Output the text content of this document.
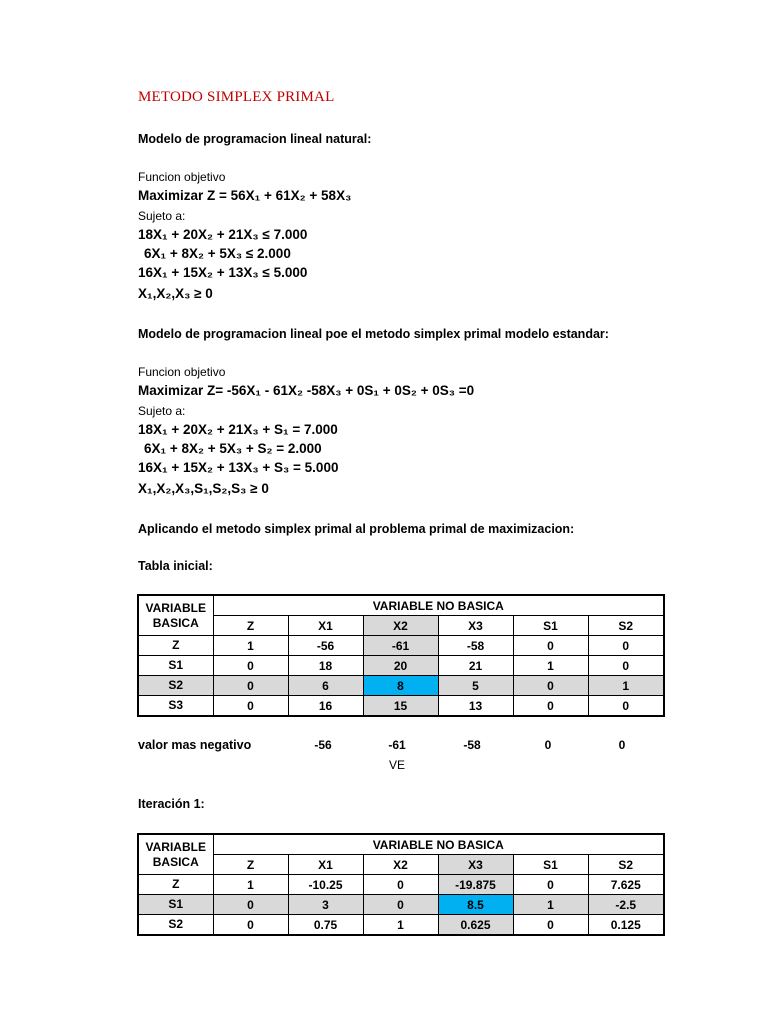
METODO SIMPLEX PRIMAL
Modelo de programacion lineal natural:
Funcion objetivo
Maximizar Z = 56X₁ + 61X₂ + 58X₃
Sujeto a:
18X₁ + 20X₂ + 21X₃ ≤ 7.000
6X₁ + 8X₂ + 5X₃ ≤ 2.000
16X₁ + 15X₂ + 13X₃ ≤ 5.000
X₁,X₂,X₃ ≥ 0
Modelo de programacion lineal poe el metodo simplex primal modelo estandar:
Funcion objetivo
Maximizar Z= -56X₁ - 61X₂ -58X₃ + 0S₁ + 0S₂ + 0S₃ =0
Sujeto a:
18X₁ + 20X₂ + 21X₃ + S₁ = 7.000
6X₁ + 8X₂ + 5X₃ + S₂ = 2.000
16X₁ + 15X₂ + 13X₃ + S₃ = 5.000
X₁,X₂,X₃,S₁,S₂,S₃ ≥ 0
Aplicando el metodo simplex primal al problema primal de maximizacion:
Tabla inicial:
VARIABLE
BASICA	VARIABLE NO BASICA					
	Z	X1	X2	X3	S1	S2
Z	1	-56	-61	-58	0	0
S1	0	18	20	21	1	0
S2	0	6	8	5	0	1
S3	0	16	15	13	0	0
valor mas negativo	-56	-61	-58	0	0
VE
Iteración 1:
VARIABLE
BASICA	VARIABLE NO BASICA					
	Z	X1	X2	X3	S1	S2
Z	1	-10.25	0	-19.875	0	7.625
S1	0	3	0	8.5	1	-2.5
S2	0	0.75	1	0.625	0	0.125
